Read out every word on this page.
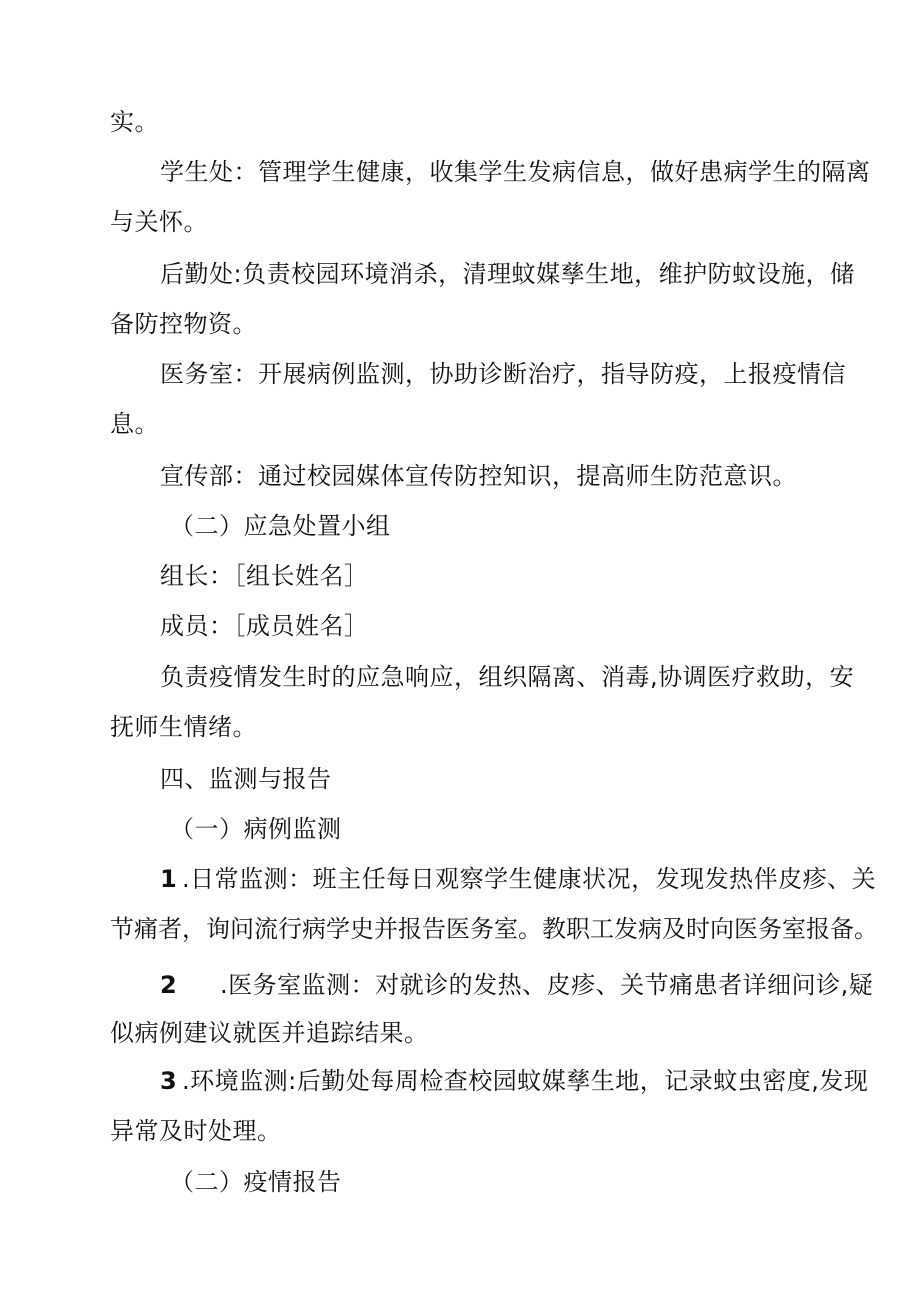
实。
学生处：管理学生健康，收集学生发病信息，做好患病学生的隔离
与关怀。
后勤处:负责校园环境消杀，清理蚊媒孳生地，维护防蚊设施，储
备防控物资。
医务室：开展病例监测，协助诊断治疗，指导防疫，上报疫情信
息。
宣传部：通过校园媒体宣传防控知识，提高师生防范意识。
（二）应急处置小组
组长：［组长姓名］
成员：［成员姓名］
负责疫情发生时的应急响应，组织隔离、消毒,协调医疗救助，安
抚师生情绪。
四、监测与报告
（一）病例监测
1 .日常监测：班主任每日观察学生健康状况，发现发热伴皮疹、关
节痛者，询问流行病学史并报告医务室。教职工发病及时向医务室报备。
2 .医务室监测：对就诊的发热、皮疹、关节痛患者详细问诊,疑
似病例建议就医并追踪结果。
3 .环境监测:后勤处每周检查校园蚊媒孳生地，记录蚊虫密度,发现
异常及时处理。
（二）疫情报告
